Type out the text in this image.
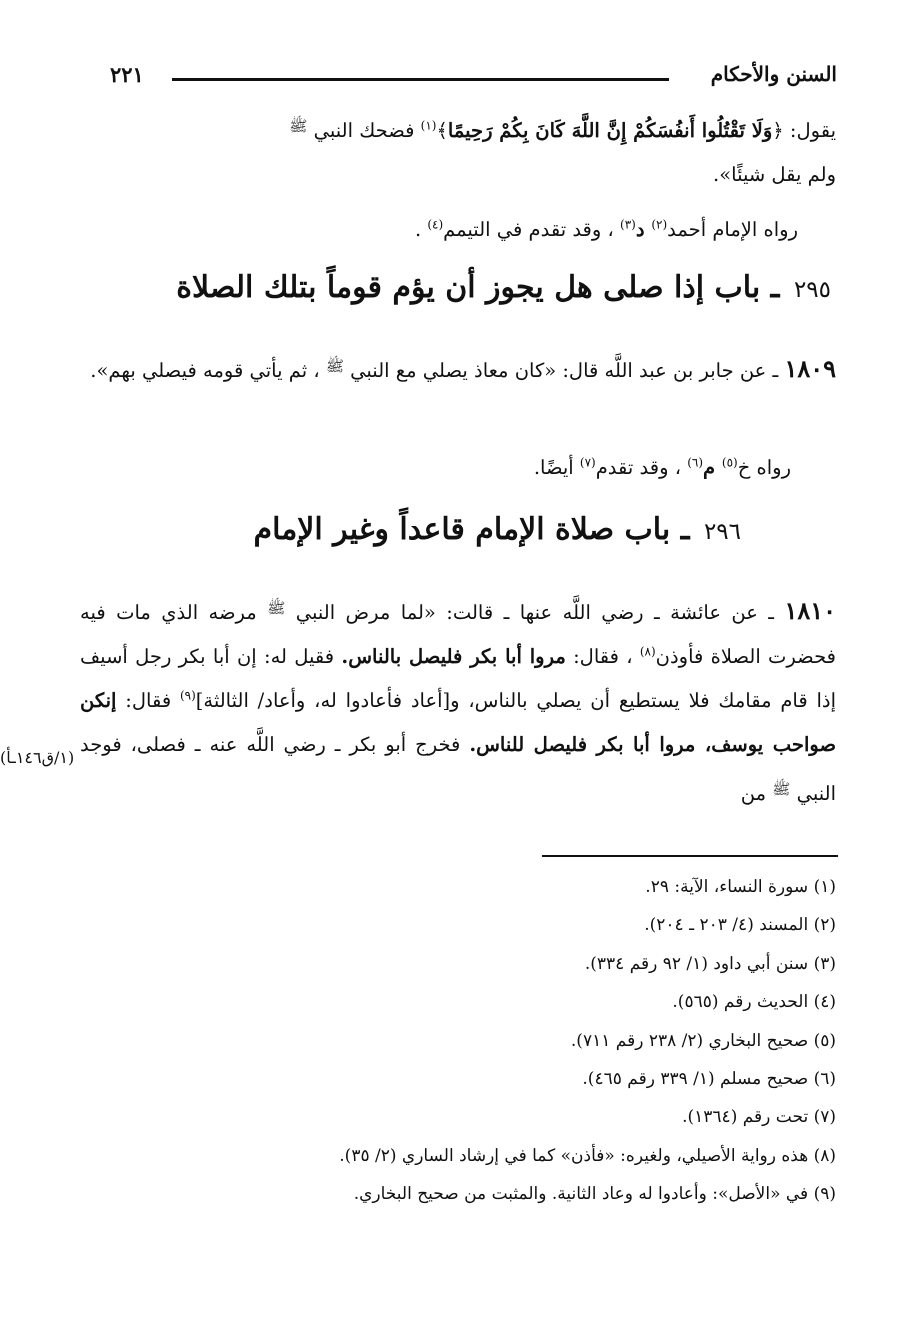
السنن والأحكام
٢٢١
يقول: ﴿وَلَا تَقْتُلُوا أَنفُسَكُمْ إِنَّ اللَّهَ كَانَ بِكُمْ رَحِيمًا﴾$^{(١)}$ فضحك النبي $^ﷺ$
ولم يقل شيئًا».
رواه الإمام أحمد$^{(٢)}$ د$^{(٣)}$ ، وقد تقدم في التيمم$^{(٤)}$ .
٢٩٥ ـ باب إذا صلى هل يجوز أن يؤم قوماً بتلك الصلاة
١٨٠٩ ـ عن جابر بن عبد اللَّه قال: «كان معاذ يصلي مع النبي $^ﷺ$ ، ثم يأتي قومه فيصلي بهم».
رواه خ$^{(٥)}$ م$^{(٦)}$ ، وقد تقدم$^{(٧)}$ أيضًا.
٢٩٦ ـ باب صلاة الإمام قاعداً وغير الإمام
١٨١٠ ـ عن عائشة ـ رضي اللَّه عنها ـ قالت: «لما مرض النبي $^ﷺ$ مرضه الذي مات فيه فحضرت الصلاة فأوذن$^{(٨)}$ ، فقال: مروا أبا بكر فليصل بالناس. فقيل له: إن أبا بكر رجل أسيف إذا قام مقامك فلا يستطيع أن يصلي بالناس، و[أعاد فأعادوا له، وأعاد/ الثالثة]$^{(٩)}$ فقال: إنكن صواحب يوسف، مروا أبا بكر فليصل للناس. فخرج أبو بكر ـ رضي اللَّه عنه ـ فصلى، فوجد النبي $^ﷺ$ من
(١/ق١٤٦ـأ)
(١) سورة النساء، الآية: ٢٩.
(٢) المسند (٤/ ٢٠٣ ـ ٢٠٤).
(٣) سنن أبي داود (١/ ٩٢ رقم ٣٣٤).
(٤) الحديث رقم (٥٦٥).
(٥) صحيح البخاري (٢/ ٢٣٨ رقم ٧١١).
(٦) صحيح مسلم (١/ ٣٣٩ رقم ٤٦٥).
(٧) تحت رقم (١٣٦٤).
(٨) هذه رواية الأصيلي، ولغيره: «فأذن» كما في إرشاد الساري (٢/ ٣٥).
(٩) في «الأصل»: وأعادوا له وعاد الثانية. والمثبت من صحيح البخاري.
